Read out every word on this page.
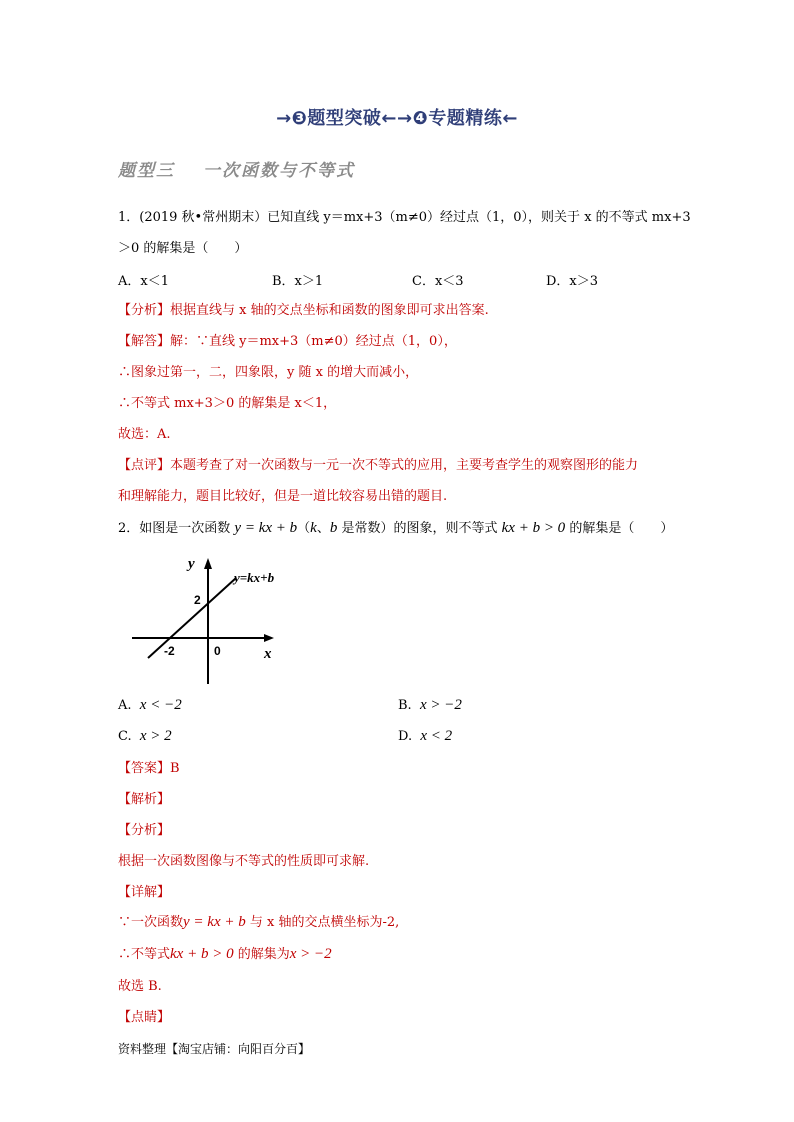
→❸题型突破←→❹专题精练←
题型三 一次函数与不等式
1．(2019 秋•常州期末）已知直线 y＝mx+3（m≠0）经过点（1，0），则关于 x 的不等式 mx+3
＞0 的解集是（　　）
A．x＜1	B．x＞1	C．x＜3	D．x＞3
【分析】根据直线与 x 轴的交点坐标和函数的图象即可求出答案.
【解答】解：∵直线 y＝mx+3（m≠0）经过点（1，0），
∴图象过第一，二，四象限，y 随 x 的增大而减小，
∴不等式 mx+3＞0 的解集是 x＜1，
故选：A.
【点评】本题考查了对一次函数与一元一次不等式的应用，主要考查学生的观察图形的能力
和理解能力，题目比较好，但是一道比较容易出错的题目.
2．如图是一次函数 y = kx + b（k、b 是常数）的图象，则不等式 kx + b > 0 的解集是（　　）
y
x
y=kx+b
2
-2	0
A. x < −2	B. x > −2
C. x > 2	D. x < 2
【答案】B
【解析】
【分析】
根据一次函数图像与不等式的性质即可求解.
【详解】
∵一次函数y = kx + b 与 x 轴的交点横坐标为-2,
∴不等式kx + b > 0 的解集为x > −2
故选 B.
【点睛】
资料整理【淘宝店铺：向阳百分百】
